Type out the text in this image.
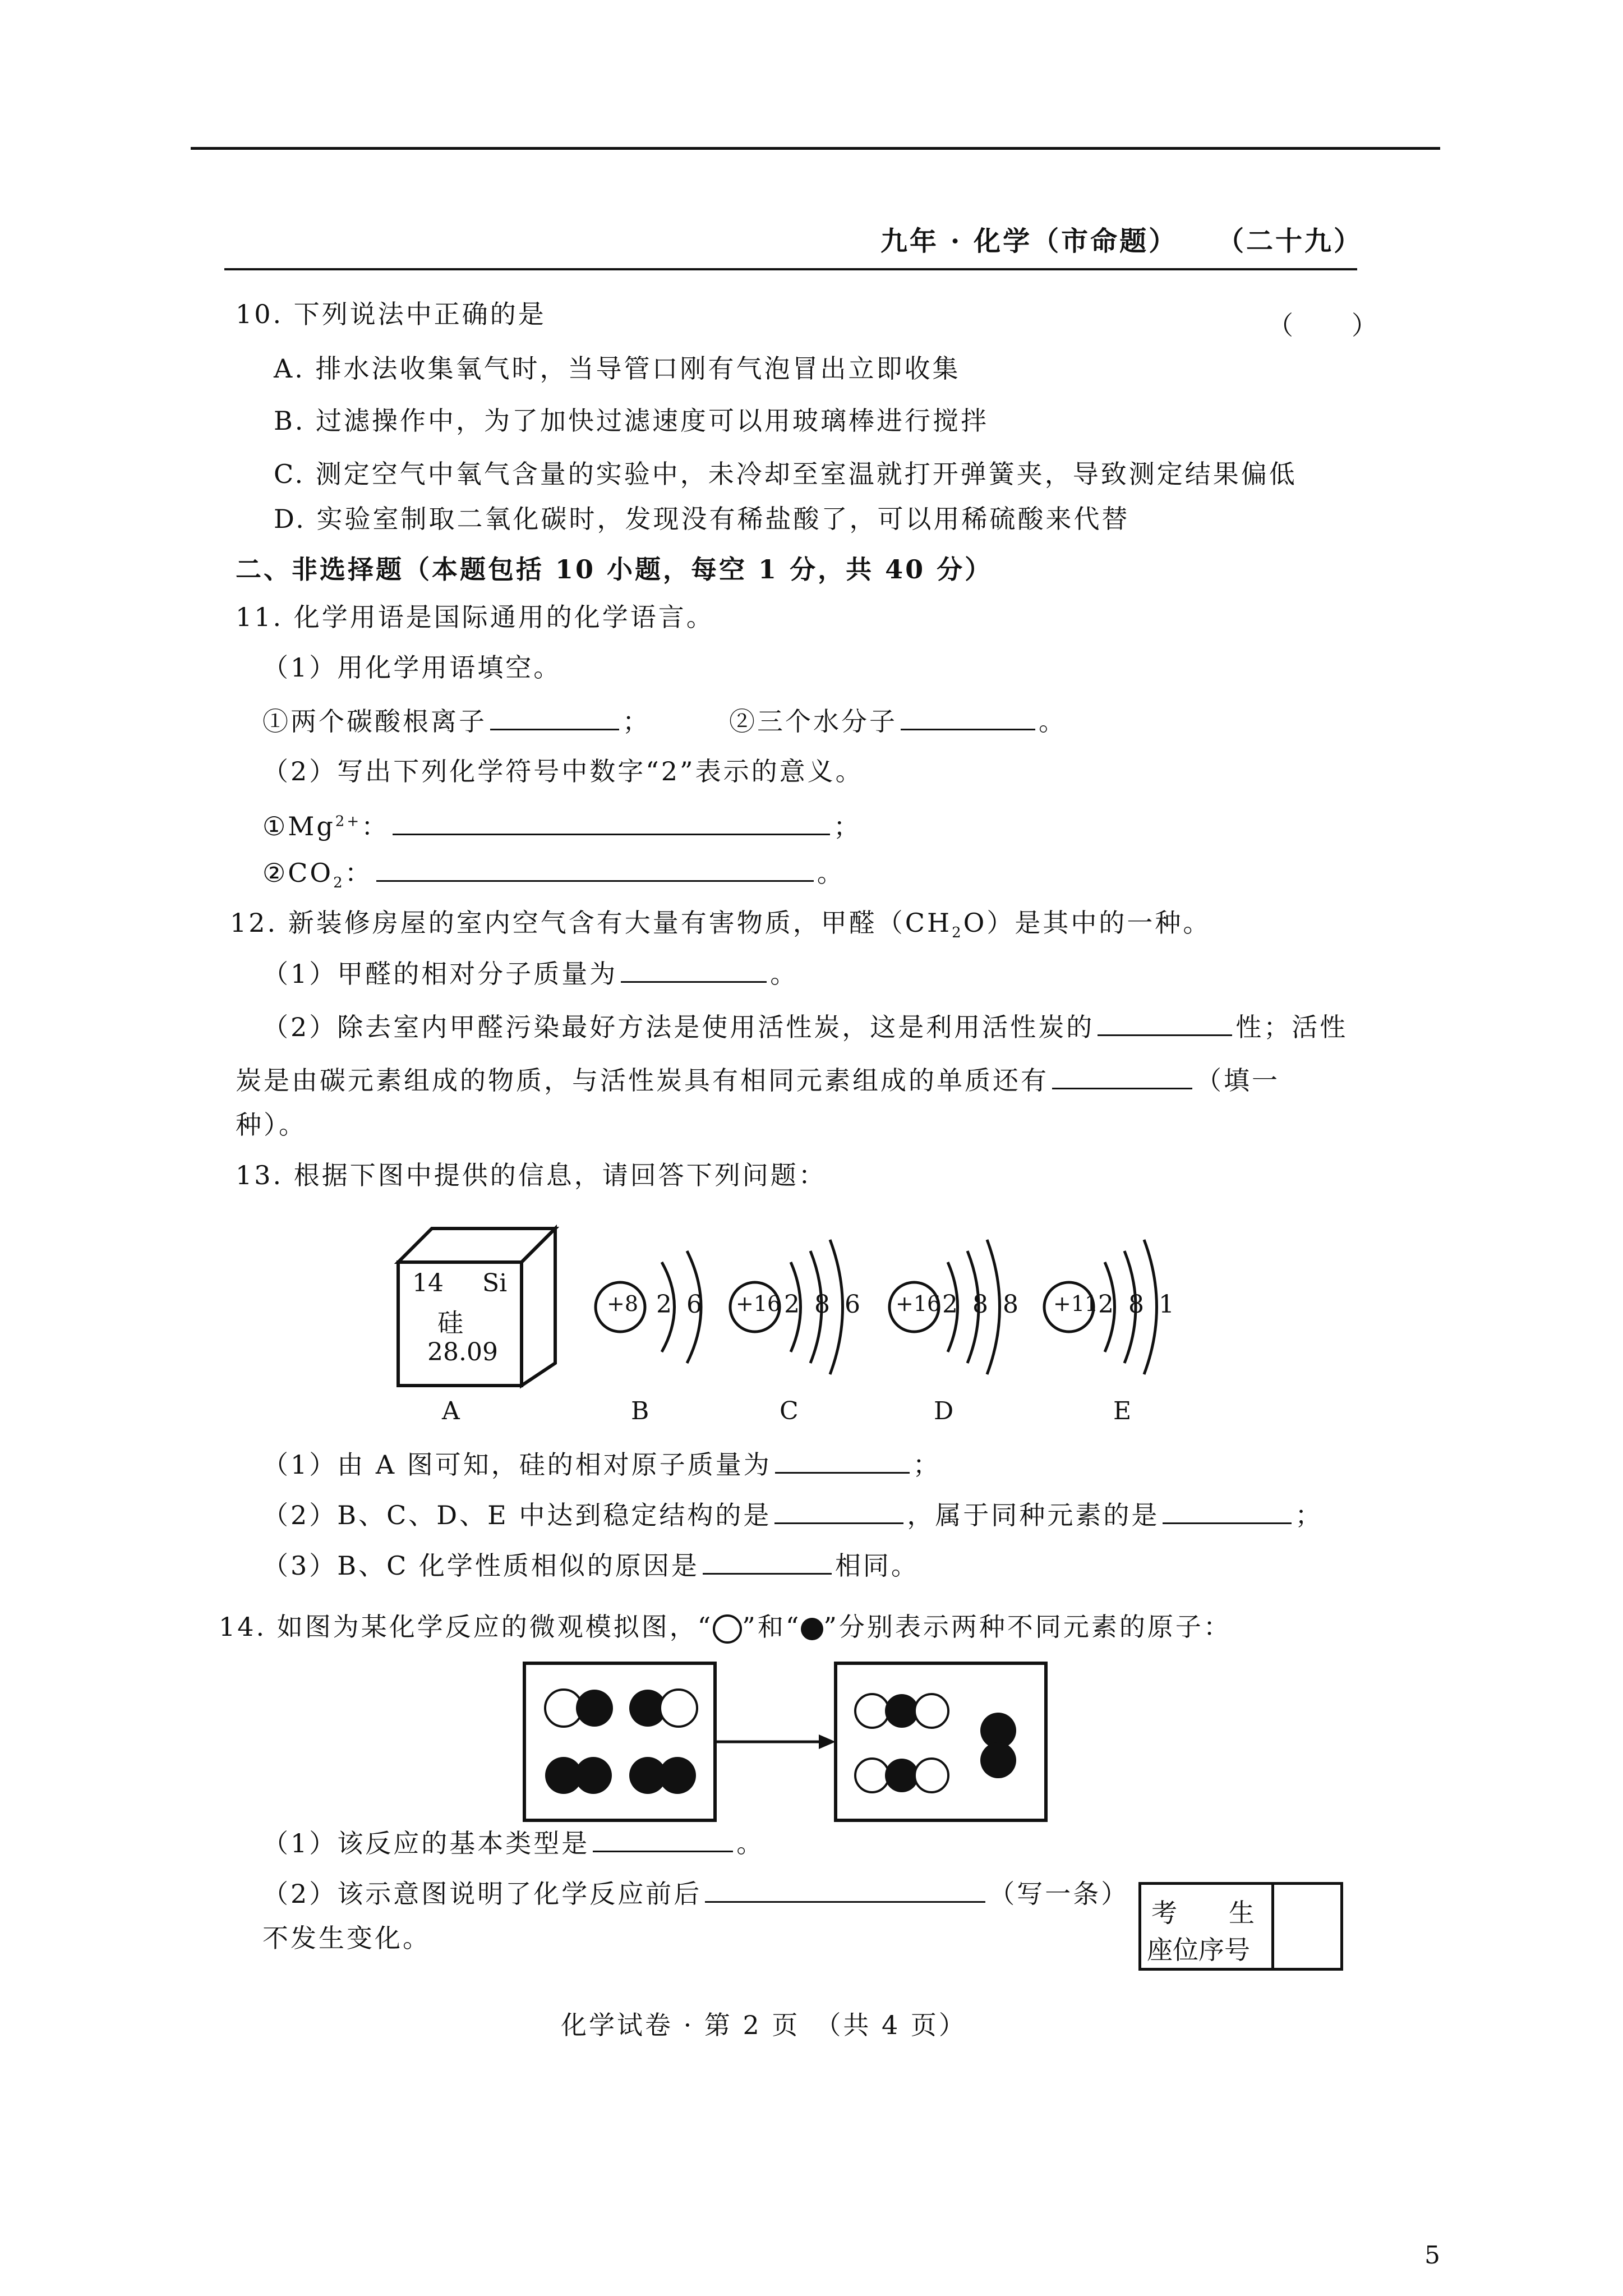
九年 · 化学（市命题） （二十九）
10. 下列说法中正确的是	（　　）
A. 排水法收集氧气时，当导管口刚有气泡冒出立即收集
B. 过滤操作中，为了加快过滤速度可以用玻璃棒进行搅拌
C. 测定空气中氧气含量的实验中，未冷却至室温就打开弹簧夹，导致测定结果偏低
D. 实验室制取二氧化碳时，发现没有稀盐酸了，可以用稀硫酸来代替
二、非选择题（本题包括 10 小题，每空 1 分，共 40 分）
11. 化学用语是国际通用的化学语言。
（1）用化学用语填空。
①两个碳酸根离子	；	②三个水分子	。
（2）写出下列化学符号中数字“2”表示的意义。
$①Mg^{2+}$：	；
$②CO_2$：	。
12. 新装修房屋的室内空气含有大量有害物质，甲醛$(CH_2O)$是其中的一种。
（1）甲醛的相对分子质量为	。
（2）除去室内甲醛污染最好方法是使用活性炭，这是利用活性炭的	性；活性
炭是由碳元素组成的物质，与活性炭具有相同元素组成的单质还有	（填一
种）。
13. 根据下图中提供的信息，请回答下列问题：
14 Si
硅
28.09
A
+8 2 6
B
+16 2 8 6
C
+16 2 8 8
D
+11 2 8 1
E
（1）由 A 图可知，硅的相对原子质量为	；
（2）B、C、D、E 中达到稳定结构的是	，属于同种元素的是	；
（3）B、C 化学性质相似的原因是	相同。
14. 如图为某化学反应的微观模拟图，“ ”和“ ”分别表示两种不同元素的原子：
（1）该反应的基本类型是	。
（2）该示意图说明了化学反应前后	（写一条）
不发生变化。
考　　生
座位序号
化学试卷 · 第 2 页　（共 4 页）
5
